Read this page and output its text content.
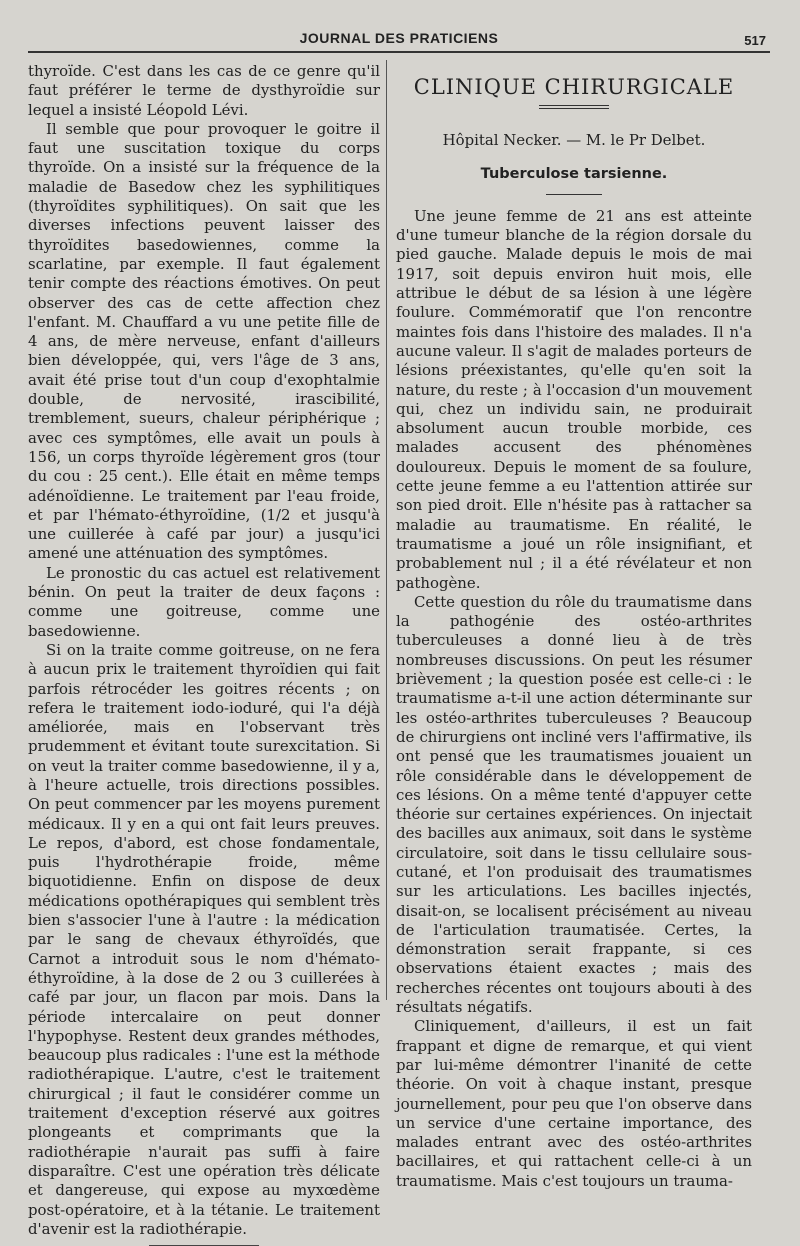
JOURNAL DES PRATICIENS	517

thyroïde. C'est dans les cas de ce genre qu'il faut préférer le terme de dysthyroïdie sur lequel a insisté Léopold Lévi.

Il semble que pour provoquer le goitre il faut une suscitation toxique du corps thyroïde. On a insisté sur la fréquence de la maladie de Basedow chez les syphilitiques (thyroïdites syphilitiques). On sait que les diverses infections peuvent laisser des thyroïdites basedowiennes, comme la scarlatine, par exemple. Il faut également tenir compte des réactions émotives. On peut observer des cas de cette affection chez l'enfant. M. Chauffard a vu une petite fille de 4 ans, de mère nerveuse, enfant d'ailleurs bien développée, qui, vers l'âge de 3 ans, avait été prise tout d'un coup d'exophtalmie double, de nervosité, irascibilité, tremblement, sueurs, chaleur périphérique ; avec ces symptômes, elle avait un pouls à 156, un corps thyroïde légèrement gros (tour du cou : 25 cent.). Elle était en même temps adénoïdienne. Le traitement par l'eau froide, et par l'hémato-éthyroïdine, (1/2 et jusqu'à une cuillerée à café par jour) a jusqu'ici amené une atténuation des symptômes.

Le pronostic du cas actuel est relativement bénin. On peut la traiter de deux façons : comme une goitreuse, comme une basedowienne.

Si on la traite comme goitreuse, on ne fera à aucun prix le traitement thyroïdien qui fait parfois rétrocéder les goitres récents ; on refera le traitement iodo-ioduré, qui l'a déjà améliorée, mais en l'observant très prudemment et évitant toute surexcitation. Si on veut la traiter comme basedowienne, il y a, à l'heure actuelle, trois directions possibles. On peut commencer par les moyens purement médicaux. Il y en a qui ont fait leurs preuves. Le repos, d'abord, est chose fondamentale, puis l'hydrothérapie froide, même biquotidienne. Enfin on dispose de deux médications opothérapiques qui semblent très bien s'associer l'une à l'autre : la médication par le sang de chevaux éthyroïdés, que Carnot a introduit sous le nom d'hémato-éthyroïdine, à la dose de 2 ou 3 cuillerées à café par jour, un flacon par mois. Dans la période intercalaire on peut donner l'hypophyse. Restent deux grandes méthodes, beaucoup plus radicales : l'une est la méthode radiothérapique. L'autre, c'est le traitement chirurgical ; il faut le considérer comme un traitement d'exception réservé aux goitres plongeants et comprimants que la radiothérapie n'aurait pas suffi à faire disparaître. C'est une opération très délicate et dangereuse, qui expose au myxœdème post-opératoire, et à la tétanie. Le traitement d'avenir est la radiothérapie.

CLINIQUE CHIRURGICALE
Hôpital Necker. — M. le Pr Delbet.
Tuberculose tarsienne.

Une jeune femme de 21 ans est atteinte d'une tumeur blanche de la région dorsale du pied gauche. Malade depuis le mois de mai 1917, soit depuis environ huit mois, elle attribue le début de sa lésion à une légère foulure. Commémoratif que l'on rencontre maintes fois dans l'histoire des malades. Il n'a aucune valeur. Il s'agit de malades porteurs de lésions préexistantes, qu'elle qu'en soit la nature, du reste ; à l'occasion d'un mouvement qui, chez un individu sain, ne produirait absolument aucun trouble morbide, ces malades accusent des phénomènes douloureux. Depuis le moment de sa foulure, cette jeune femme a eu l'attention attirée sur son pied droit. Elle n'hésite pas à rattacher sa maladie au traumatisme. En réalité, le traumatisme a joué un rôle insignifiant, et probablement nul ; il a été révélateur et non pathogène.

Cette question du rôle du traumatisme dans la pathogénie des ostéo-arthrites tuberculeuses a donné lieu à de très nombreuses discussions. On peut les résumer brièvement ; la question posée est celle-ci : le traumatisme a-t-il une action déterminante sur les ostéo-arthrites tuberculeuses ? Beaucoup de chirurgiens ont incliné vers l'affirmative, ils ont pensé que les traumatismes jouaient un rôle considérable dans le développement de ces lésions. On a même tenté d'appuyer cette théorie sur certaines expériences. On injectait des bacilles aux animaux, soit dans le système circulatoire, soit dans le tissu cellulaire sous-cutané, et l'on produisait des traumatismes sur les articulations. Les bacilles injectés, disait-on, se localisent précisément au niveau de l'articulation traumatisée. Certes, la démonstration serait frappante, si ces observations étaient exactes ; mais des recherches récentes ont toujours abouti à des résultats négatifs.

Cliniquement, d'ailleurs, il est un fait frappant et digne de remarque, et qui vient par lui-même démontrer l'inanité de cette théorie. On voit à chaque instant, presque journellement, pour peu que l'on observe dans un service d'une certaine importance, des malades entrant avec des ostéo-arthrites bacillaires, et qui rattachent celle-ci à un traumatisme. Mais c'est toujours un trauma-
